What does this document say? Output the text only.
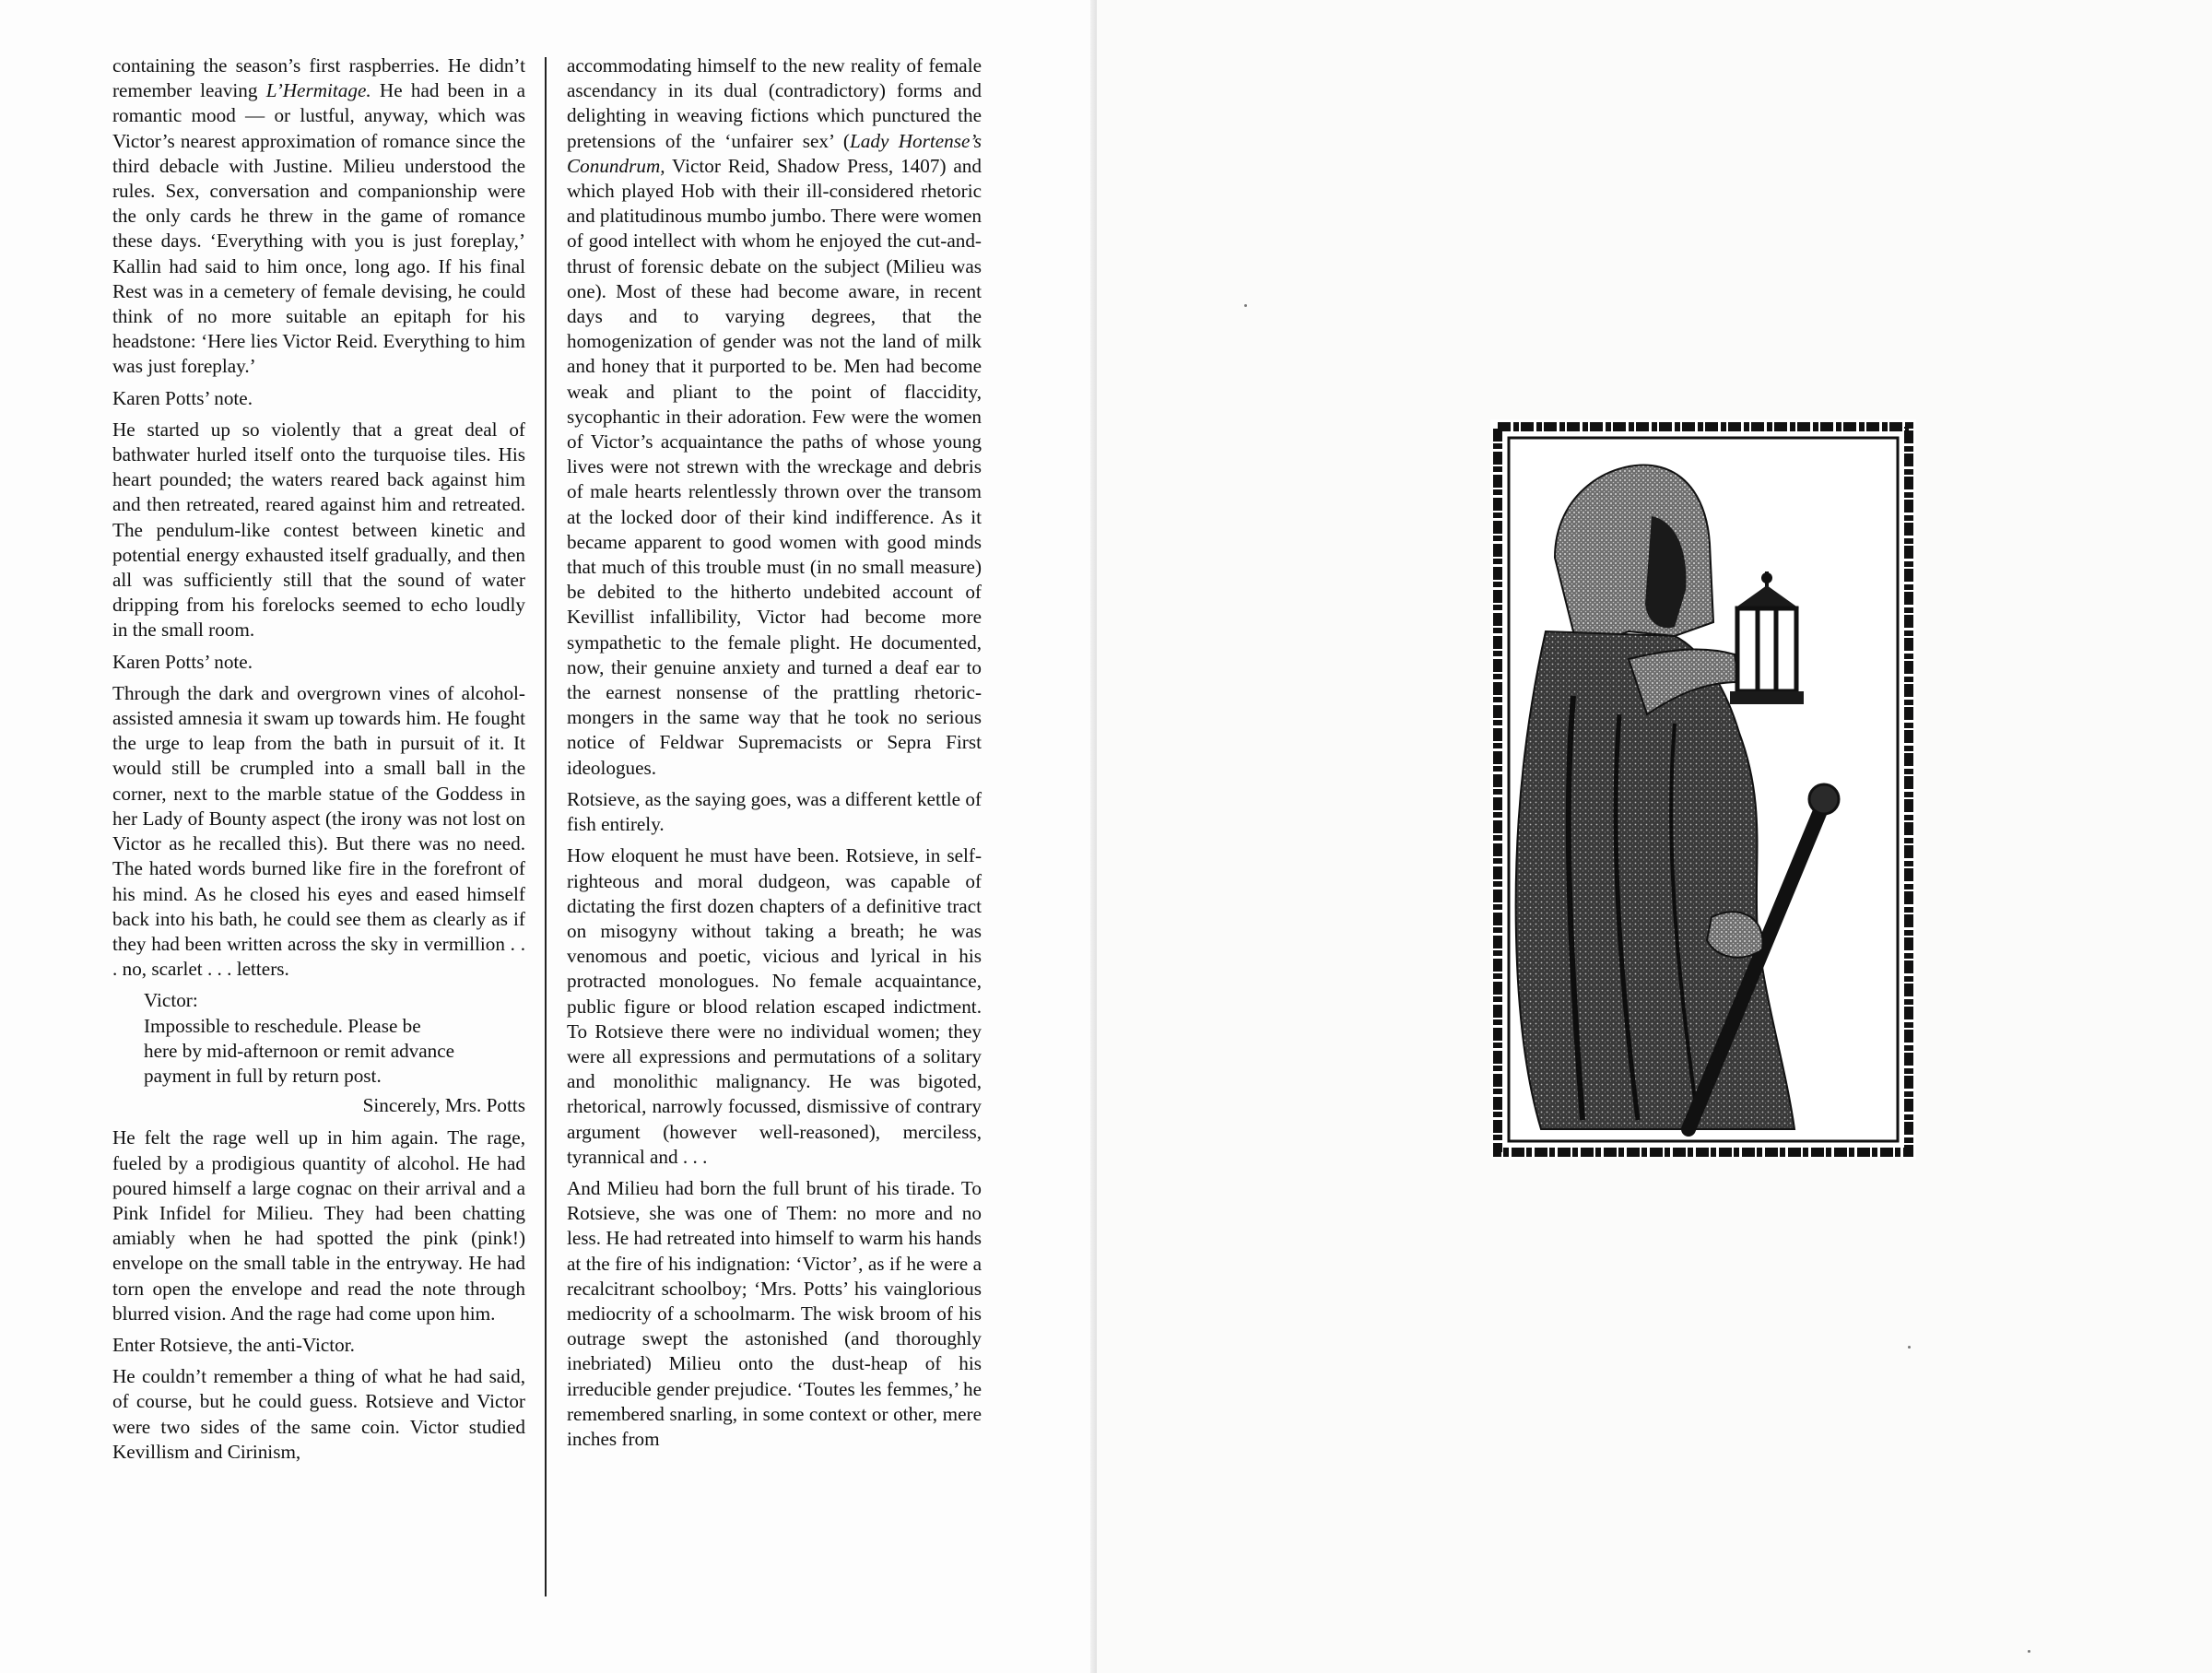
containing the season’s first raspberries. He didn’t remember leaving L’Hermitage. He had been in a romantic mood — or lustful, anyway, which was Victor’s nearest approximation of romance since the third debacle with Justine. Milieu understood the rules. Sex, conversation and companionship were the only cards he threw in the game of romance these days. ‘Everything with you is just foreplay,’ Kallin had said to him once, long ago. If his final Rest was in a cemetery of female devising, he could think of no more suitable an epitaph for his headstone: ‘Here lies Victor Reid. Everything to him was just foreplay.’

Karen Potts’ note.

He started up so violently that a great deal of bathwater hurled itself onto the turquoise tiles. His heart pounded; the waters reared back against him and then retreated, reared against him and retreated. The pendulum-like contest between kinetic and potential energy exhausted itself gradually, and then all was sufficiently still that the sound of water dripping from his forelocks seemed to echo loudly in the small room.

Karen Potts’ note.

Through the dark and overgrown vines of alcohol-assisted amnesia it swam up towards him. He fought the urge to leap from the bath in pursuit of it. It would still be crumpled into a small ball in the corner, next to the marble statue of the Goddess in her Lady of Bounty aspect (the irony was not lost on Victor as he recalled this). But there was no need. The hated words burned like fire in the forefront of his mind. As he closed his eyes and eased himself back into his bath, he could see them as clearly as if they had been written across the sky in vermillion . . . no, scarlet . . . letters.

Victor:
Impossible to reschedule. Please be
here by mid-afternoon or remit advance
payment in full by return post.
Sincerely, Mrs. Potts

He felt the rage well up in him again. The rage, fueled by a prodigious quantity of alcohol. He had poured himself a large cognac on their arrival and a Pink Infidel for Milieu. They had been chatting amiably when he had spotted the pink (pink!) envelope on the small table in the entryway. He had torn open the envelope and read the note through blurred vision. And the rage had come upon him.

Enter Rotsieve, the anti-Victor.

He couldn’t remember a thing of what he had said, of course, but he could guess. Rotsieve and Victor were two sides of the same coin. Victor studied Kevillism and Cirinism,

accommodating himself to the new reality of female ascendancy in its dual (contradictory) forms and delighting in weaving fictions which punctured the pretensions of the ‘unfairer sex’ (Lady Hortense’s Conundrum, Victor Reid, Shadow Press, 1407) and which played Hob with their ill-considered rhetoric and platitudinous mumbo jumbo. There were women of good intellect with whom he enjoyed the cut-and-thrust of forensic debate on the subject (Milieu was one). Most of these had become aware, in recent days and to varying degrees, that the homogenization of gender was not the land of milk and honey that it purported to be. Men had become weak and pliant to the point of flaccidity, sycophantic in their adoration. Few were the women of Victor’s acquaintance the paths of whose young lives were not strewn with the wreckage and debris of male hearts relentlessly thrown over the transom at the locked door of their kind indifference. As it became apparent to good women with good minds that much of this trouble must (in no small measure) be debited to the hitherto undebited account of Kevillist infallibility, Victor had become more sympathetic to the female plight. He documented, now, their genuine anxiety and turned a deaf ear to the earnest nonsense of the prattling rhetoric-mongers in the same way that he took no serious notice of Feldwar Supremacists or Sepra First ideologues.

Rotsieve, as the saying goes, was a different kettle of fish entirely.

How eloquent he must have been. Rotsieve, in self-righteous and moral dudgeon, was capable of dictating the first dozen chapters of a definitive tract on misogyny without taking a breath; he was venomous and poetic, vicious and lyrical in his protracted monologues. No female acquaintance, public figure or blood relation escaped indictment. To Rotsieve there were no individual women; they were all expressions and permutations of a solitary and monolithic malignancy. He was bigoted, rhetorical, narrowly focussed, dismissive of contrary argument (however well-reasoned), merciless, tyrannical and . . .

And Milieu had born the full brunt of his tirade. To Rotsieve, she was one of Them: no more and no less. He had retreated into himself to warm his hands at the fire of his indignation: ‘Victor’, as if he were a recalcitrant schoolboy; ‘Mrs. Potts’ his vainglorious mediocrity of a schoolmarm. The wisk broom of his outrage swept the astonished (and thoroughly inebriated) Milieu onto the dust-heap of his irreducible gender prejudice. ‘Toutes les femmes,’ he remembered snarling, in some context or other, mere inches from
